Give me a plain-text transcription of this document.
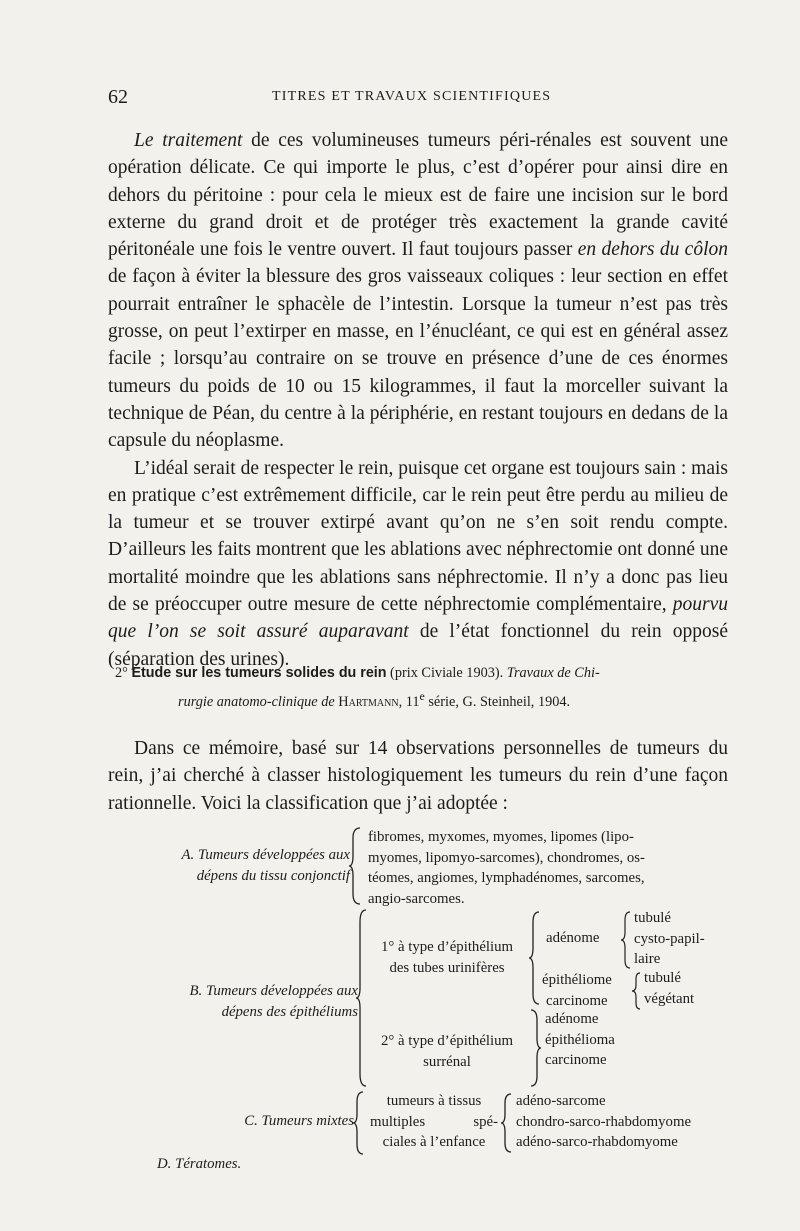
62	TITRES ET TRAVAUX SCIENTIFIQUES

Le traitement de ces volumineuses tumeurs péri-rénales est souvent une opération délicate. Ce qui importe le plus, c’est d’opérer pour ainsi dire en dehors du péritoine : pour cela le mieux est de faire une incision sur le bord externe du grand droit et de protéger très exactement la grande cavité péritonéale une fois le ventre ouvert. Il faut toujours passer en dehors du côlon de façon à éviter la blessure des gros vaisseaux coliques : leur section en effet pourrait entraîner le sphacèle de l’intestin. Lorsque la tumeur n’est pas très grosse, on peut l’extirper en masse, en l’énucléant, ce qui est en général assez facile ; lorsqu’au contraire on se trouve en présence d’une de ces énormes tumeurs du poids de 10 ou 15 kilogrammes, il faut la morceller suivant la technique de Péan, du centre à la périphérie, en restant toujours en dedans de la capsule du néoplasme.

L’idéal serait de respecter le rein, puisque cet organe est toujours sain : mais en pratique c’est extrêmement difficile, car le rein peut être perdu au milieu de la tumeur et se trouver extirpé avant qu’on ne s’en soit rendu compte. D’ailleurs les faits montrent que les ablations avec néphrectomie ont donné une mortalité moindre que les ablations sans néphrectomie. Il n’y a donc pas lieu de se préoccuper outre mesure de cette néphrectomie complémentaire, pourvu que l’on se soit assuré auparavant de l’état fonctionnel du rein opposé (séparation des urines).

2° Étude sur les tumeurs solides du rein (prix Civiale 1903). Travaux de Chi-
rurgie anatomo-clinique de Hartmann, 11e série, G. Steinheil, 1904.

Dans ce mémoire, basé sur 14 observations personnelles de tumeurs du rein, j’ai cherché à classer histologiquement les tumeurs du rein d’une façon rationnelle. Voici la classification que j’ai adoptée :

A. Tumeurs développées aux
dépens du tissu conjonctif
fibromes, myxomes, myomes, lipomes (lipo-
myomes, lipomyo-sarcomes), chondromes, os-
téomes, angiomes, lymphadénomes, sarcomes,
angio-sarcomes.
B. Tumeurs développées aux
dépens des épithéliums
1° à type d’épithélium
des tubes urinifères
adénome
tubulé
cysto-papil-
laire
épithéliome
carcinome
tubulé
végétant
2° à type d’épithélium
surrénal
adénome
épithélioma
carcinome
C. Tumeurs mixtes
tumeurs à tissus
multiples spé-
ciales à l’enfance
adéno-sarcome
chondro-sarco-rhabdomyome
adéno-sarco-rhabdomyome
D. Tératomes.
